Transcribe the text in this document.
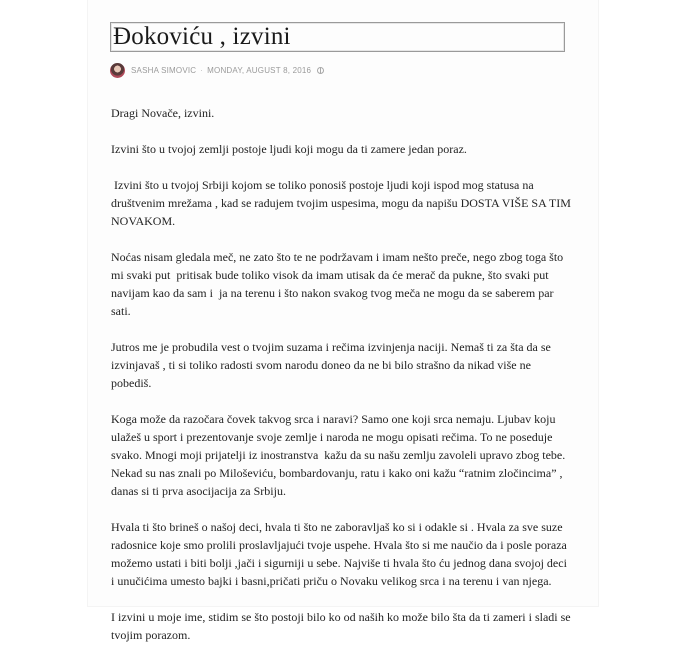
Đokoviću , izvini
SASHA SIMOVIC · MONDAY, AUGUST 8, 2016

Dragi Novače, izvini.

Izvini što u tvojoj zemlji postoje ljudi koji mogu da ti zamere jedan poraz.

Izvini što u tvojoj Srbiji kojom se toliko ponosiš postoje ljudi koji ispod mog statusa na društvenim mrežama , kad se radujem tvojim uspesima, mogu da napišu DOSTA VIŠE SA TIM NOVAKOM.

Noćas nisam gledala meč, ne zato što te ne podržavam i imam nešto preče, nego zbog toga što mi svaki put  pritisak bude toliko visok da imam utisak da će merač da pukne, što svaki put navijam kao da sam i  ja na terenu i što nakon svakog tvog meča ne mogu da se saberem par sati.

Jutros me je probudila vest o tvojim suzama i rečima izvinjenja naciji. Nemaš ti za šta da se izvinjavaš , ti si toliko radosti svom narodu doneo da ne bi bilo strašno da nikad više ne pobediš.

Koga može da razočara čovek takvog srca i naravi? Samo one koji srca nemaju. Ljubav koju ulažeš u sport i prezentovanje svoje zemlje i naroda ne mogu opisati rečima. To ne poseduje svako. Mnogi moji prijatelji iz inostranstva  kažu da su našu zemlju zavoleli upravo zbog tebe. Nekad su nas znali po Miloševiću, bombardovanju, ratu i kako oni kažu “ratnim zločincima” , danas si ti prva asocijacija za Srbiju.

Hvala ti što brineš o našoj deci, hvala ti što ne zaboravljaš ko si i odakle si . Hvala za sve suze radosnice koje smo prolili proslavljajući tvoje uspehe. Hvala što si me naučio da i posle poraza možemo ustati i biti bolji ,jači i sigurniji u sebe. Najviše ti hvala što ću jednog dana svojoj deci i unučićima umesto bajki i basni,pričati priču o Novaku velikog srca i na terenu i van njega.

I izvini u moje ime, stidim se što postoji bilo ko od naših ko može bilo šta da ti zameri i sladi se tvojim porazom.
